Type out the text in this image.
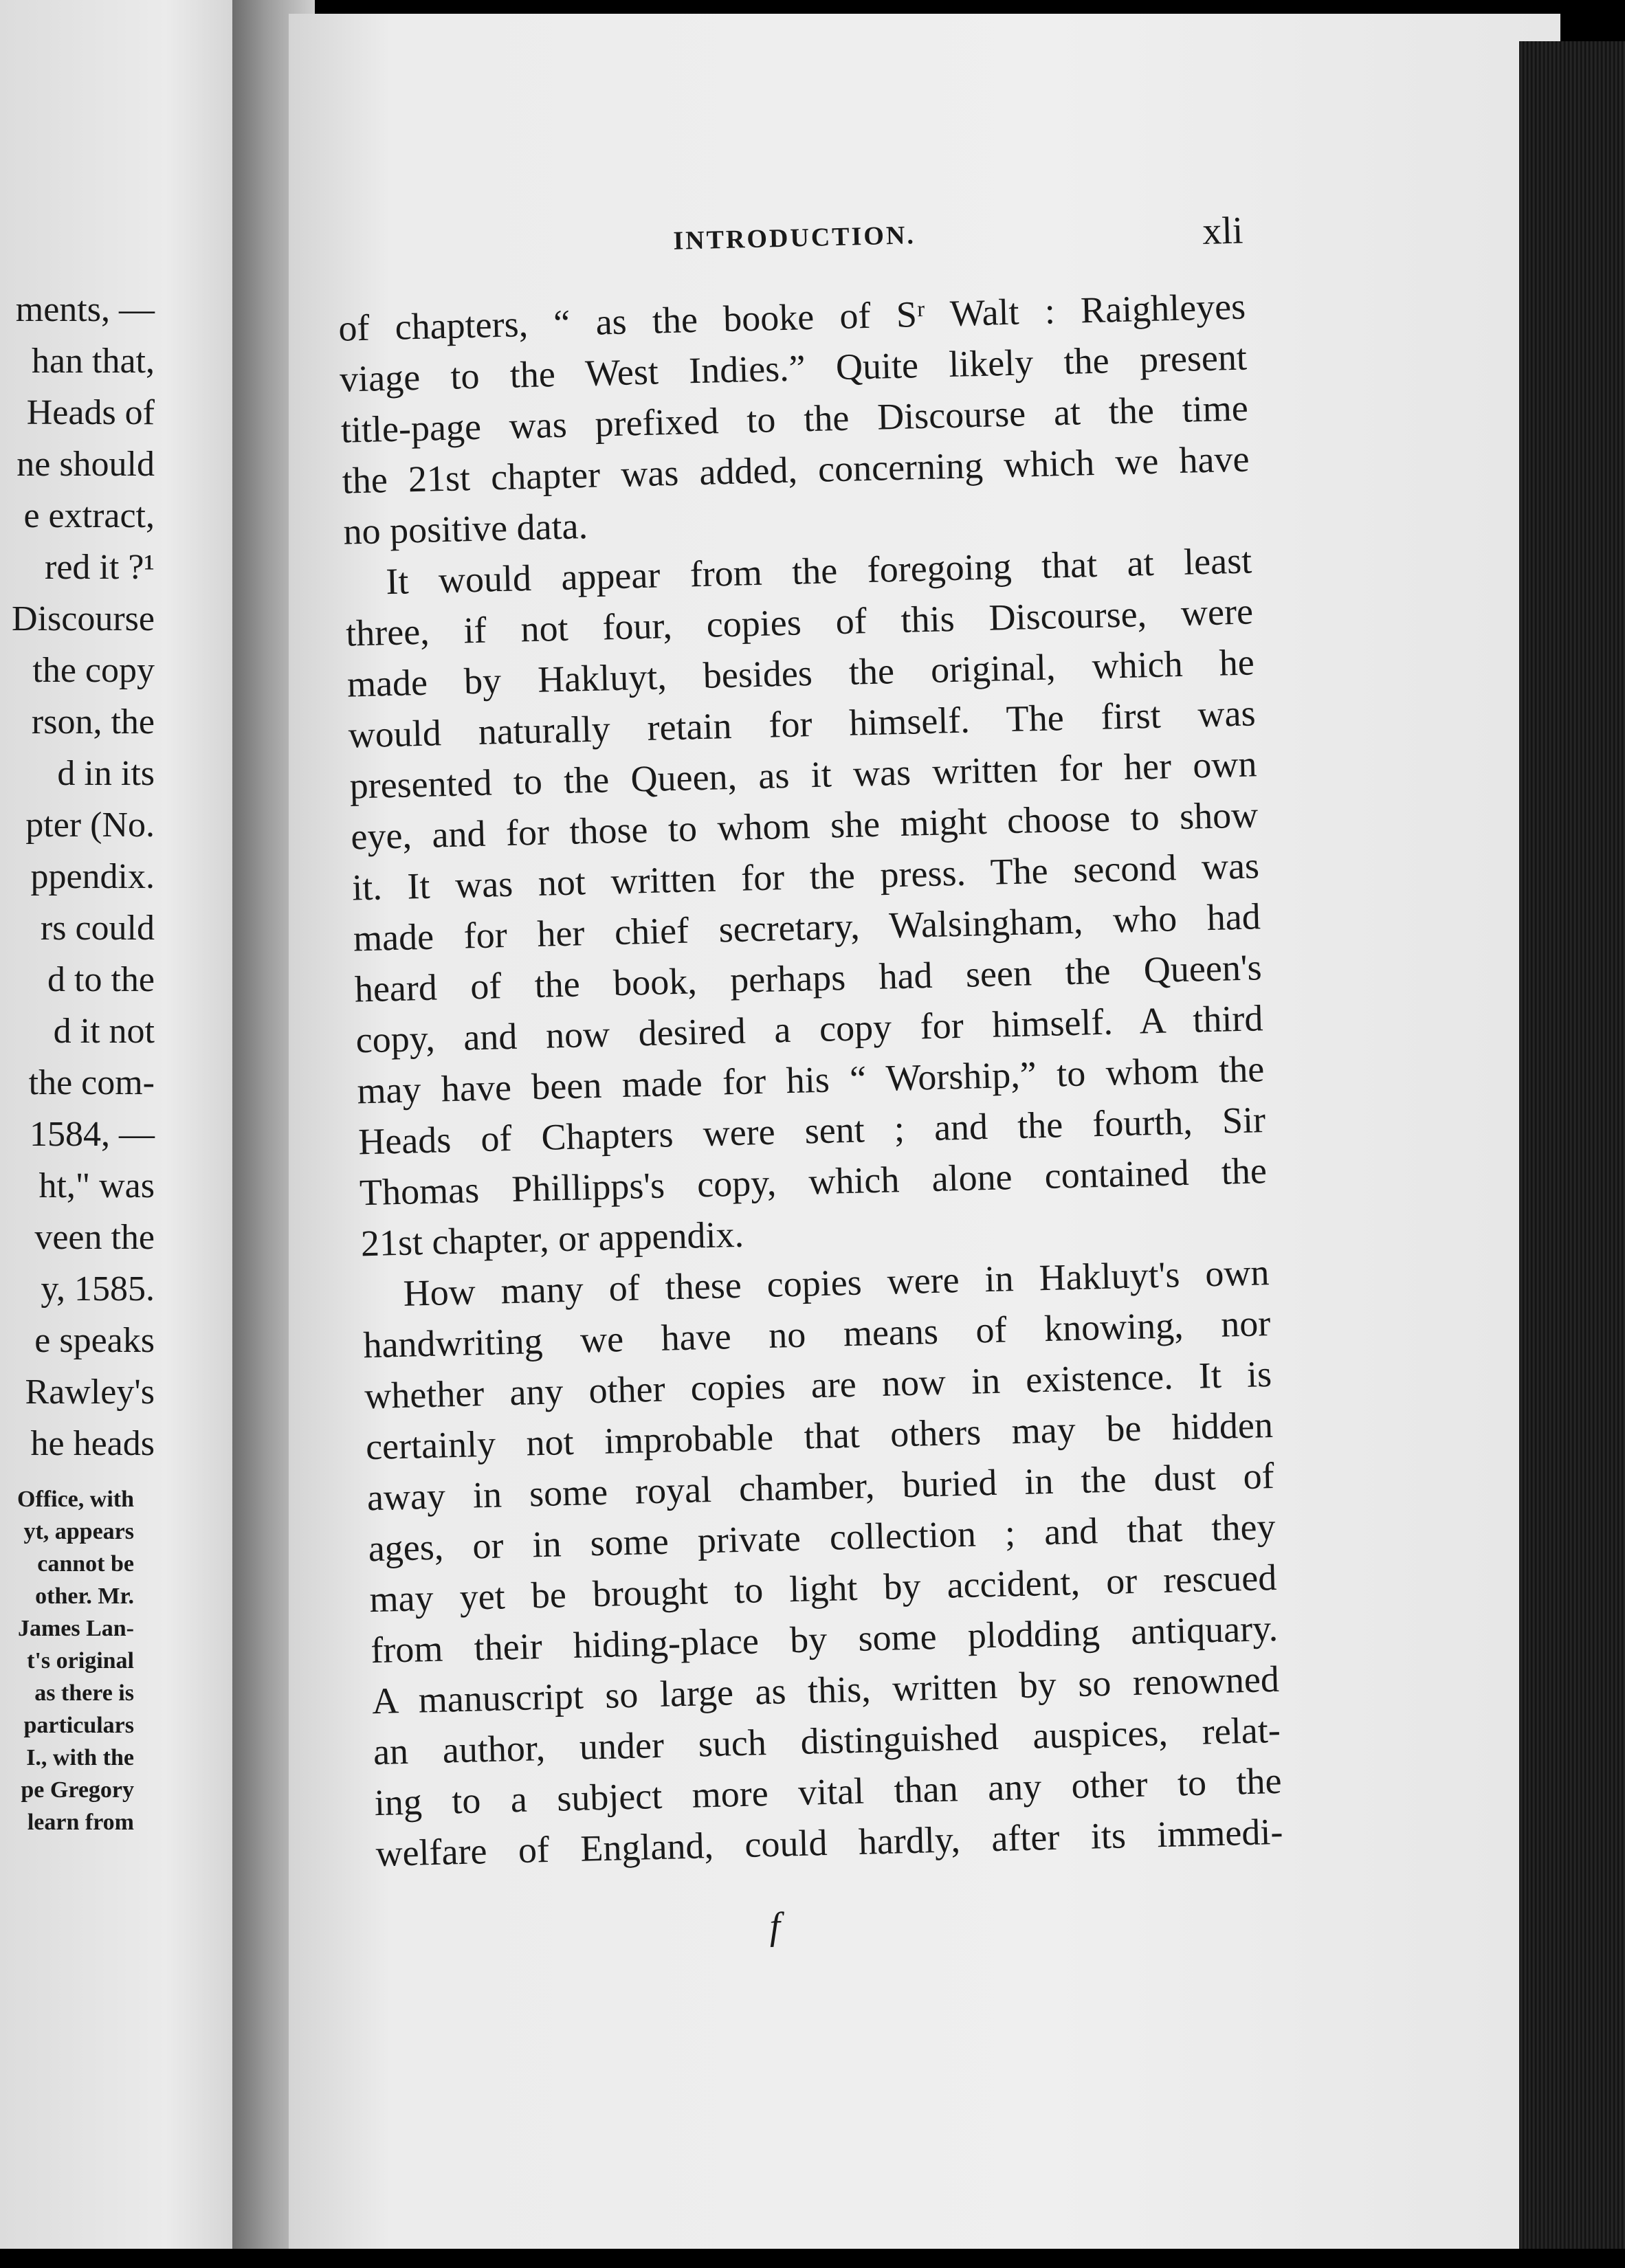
ments, —
han that,
Heads of
ne should
e extract,
red it ?¹
Discourse
the copy
rson, the
d in its
pter (No.
ppendix.
rs could
d to the
d it not
the com-
1584, —
ht," was
veen the
y, 1585.
e speaks
Rawley's
he heads
Office, with
yt, appears
cannot be
other. Mr.
James Lan-
t's original
as there is
particulars
I., with the
pe Gregory
learn from
INTRODUCTION.	xli
of chapters, “ as the booke of Sʳ Walt : Raighleyes
viage to the West Indies.” Quite likely the present
title-page was prefixed to the Discourse at the time
the 21st chapter was added, concerning which we have
no positive data.
It would appear from the foregoing that at least
three, if not four, copies of this Discourse, were
made by Hakluyt, besides the original, which he
would naturally retain for himself. The first was
presented to the Queen, as it was written for her own
eye, and for those to whom she might choose to show
it. It was not written for the press. The second was
made for her chief secretary, Walsingham, who had
heard of the book, perhaps had seen the Queen's
copy, and now desired a copy for himself. A third
may have been made for his “ Worship,” to whom the
Heads of Chapters were sent ; and the fourth, Sir
Thomas Phillipps's copy, which alone contained the
21st chapter, or appendix.
How many of these copies were in Hakluyt's own
handwriting we have no means of knowing, nor
whether any other copies are now in existence. It is
certainly not improbable that others may be hidden
away in some royal chamber, buried in the dust of
ages, or in some private collection ; and that they
may yet be brought to light by accident, or rescued
from their hiding-place by some plodding antiquary.
A manuscript so large as this, written by so renowned
an author, under such distinguished auspices, relat-
ing to a subject more vital than any other to the
welfare of England, could hardly, after its immedi-
f
